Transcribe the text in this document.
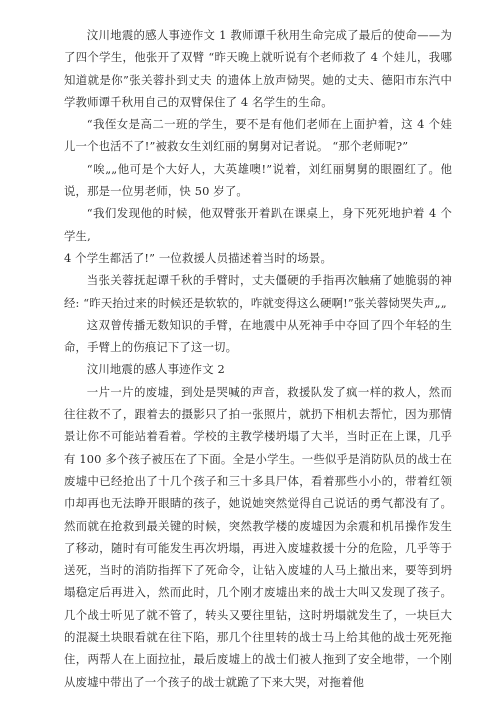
汶川地震的感人事迹作文 1 教师谭千秋用生命完成了最后的使命——为了四个学生，他张开了双臂 “昨天晚上就听说有个老师救了 4 个娃儿，我哪知道就是你”张关蓉扑到丈夫 的遗体上放声恸哭。她的丈夫、德阳市东汽中学教师谭千秋用自己的双臂保住了 4 名学生的生命。

“我侄女是高二一班的学生，要不是有他们老师在上面护着，这 4 个娃儿一个也活不了!”被救女生刘红丽的舅舅对记者说。 “那个老师呢?”

“唉„„他可是个大好人，大英雄噢!”说着，刘红丽舅舅的眼圈红了。他说，那是一位男老师，快 50 岁了。

“我们发现他的时候，他双臂张开着趴在课桌上，身下死死地护着 4 个学生,

4 个学生都活了!” 一位救援人员描述着当时的场景。

当张关蓉抚起谭千秋的手臂时，丈夫僵硬的手指再次触痛了她脆弱的神经: “昨天抬过来的时候还是软软的，咋就变得这么硬啊!”张关蓉恸哭失声„„

这双曾传播无数知识的手臂，在地震中从死神手中夺回了四个年轻的生命，手臂上的伤痕记下了这一切。

汶川地震的感人事迹作文 2

一片一片的废墟，到处是哭喊的声音，救援队发了疯一样的救人，然而往往救不了，跟着去的摄影只了拍一张照片，就扔下相机去帮忙，因为那情景让你不可能站着看着。学校的主教学楼坍塌了大半，当时正在上课，几乎有 100 多个孩子被压在了下面。全是小学生。一些似乎是消防队员的战士在废墟中已经抢出了十几个孩子和三十多具尸体，看着那些小小的，带着红领巾却再也无法睁开眼睛的孩子，她说她突然觉得自己说话的勇气都没有了。然而就在抢救到最关键的时候，突然教学楼的废墟因为余震和机吊操作发生了移动，随时有可能发生再次坍塌，再进入废墟救援十分的危险，几乎等于送死，当时的消防指挥下了死命令，让钻入废墟的人马上撤出来，要等到坍塌稳定后再进入，然而此时，几个刚才废墟出来的战士大叫又发现了孩子。几个战士听见了就不管了，转头又要往里钻，这时坍塌就发生了，一块巨大的混凝土块眼看就在往下陷，那几个往里转的战士马上给其他的战士死死拖住，两帮人在上面拉扯，最后废墟上的战士们被人拖到了安全地带，一个刚从废墟中带出了一个孩子的战士就跪了下来大哭，对拖着他
